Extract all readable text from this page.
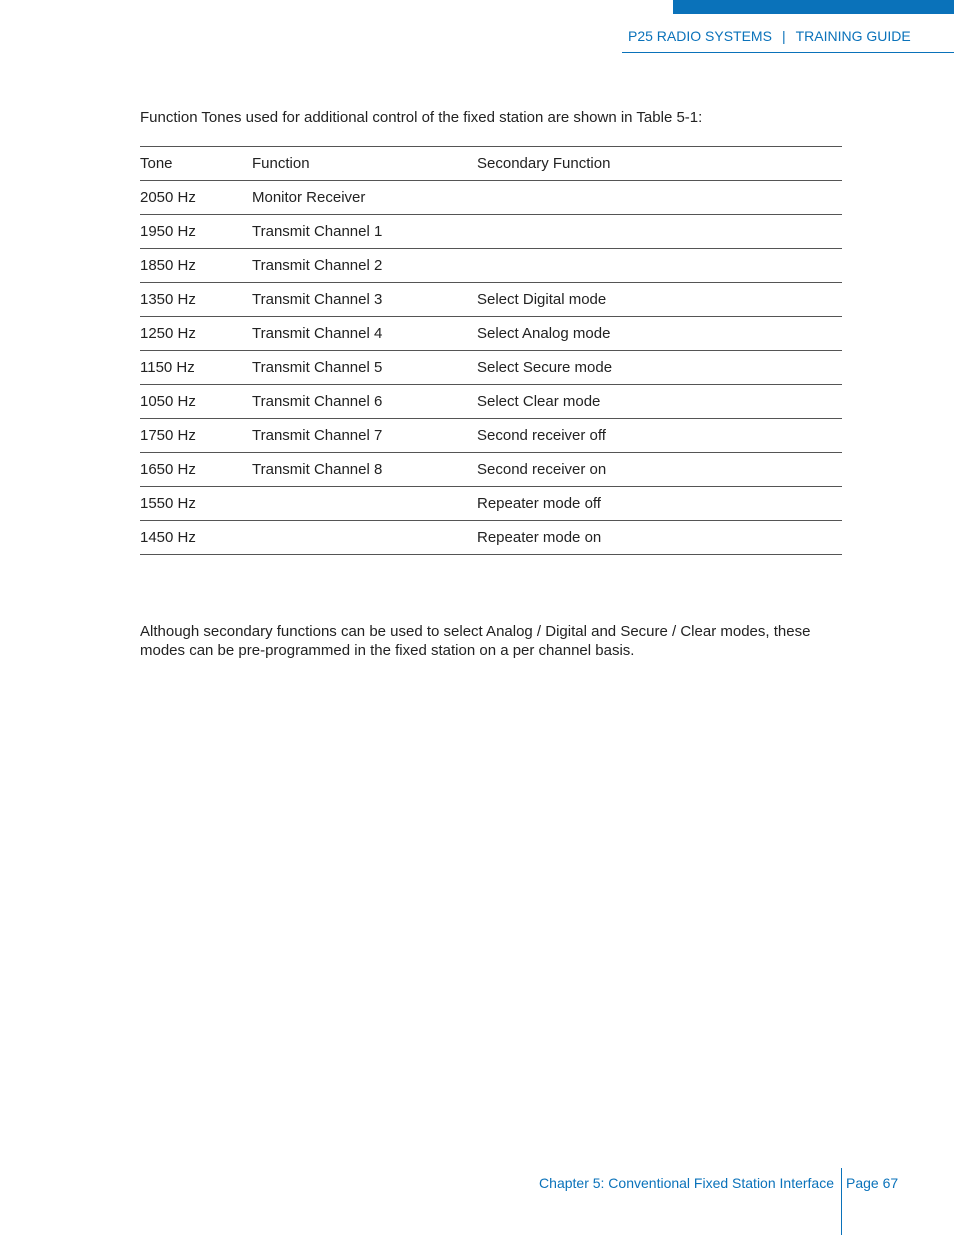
P25 RADIO SYSTEMS | TRAINING GUIDE

Function Tones used for additional control of the fixed station are shown in Table 5-1:

Tone	Function	Secondary Function
2050 Hz	Monitor Receiver	
1950 Hz	Transmit Channel 1	
1850 Hz	Transmit Channel 2	
1350 Hz	Transmit Channel 3	Select Digital mode
1250 Hz	Transmit Channel 4	Select Analog mode
1150 Hz	Transmit Channel 5	Select Secure mode
1050 Hz	Transmit Channel 6	Select Clear mode
1750 Hz	Transmit Channel 7	Second receiver off
1650 Hz	Transmit Channel 8	Second receiver on
1550 Hz		Repeater mode off
1450 Hz		Repeater mode on

Although secondary functions can be used to select Analog / Digital and Secure / Clear modes, these modes can be pre-programmed in the fixed station on a per channel basis.

Chapter 5: Conventional Fixed Station Interface Page 67
